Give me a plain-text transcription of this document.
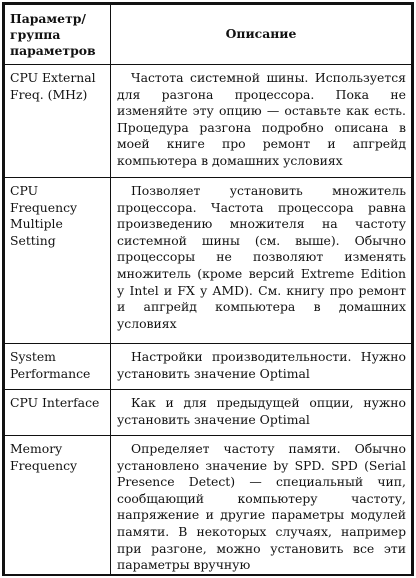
Параметр/ группа параметров	Описание
CPU External Freq. (MHz)	Частота системной шины. Используется для разгона процессора. Пока не изменяйте эту опцию — оставьте как есть. Процедура разгона подробно описана в моей книге про ремонт и апгрейд компьютера в домашних условиях

CPU Frequency Multiple Setting	Позволяет установить множитель процессора. Частота процессора равна произведению множителя на частоту системной шины (см. выше). Обычно процессоры не позволяют изменять множитель (кроме версий Extreme Edition у Intel и FX у AMD). См. книгу про ремонт и апгрейд компьютера в домашних условиях

System Performance	Настройки производительности. Нужно установить значение Optimal

CPU Interface	Как и для предыдущей опции, нужно установить значение Optimal

Memory Frequency	Определяет частоту памяти. Обычно установлено значение by SPD. SPD (Serial Presence Detect) — специальный чип, сообщающий компьютеру частоту, напряжение и другие параметры модулей памяти. В некоторых случаях, например при разгоне, можно установить все эти параметры вручную
